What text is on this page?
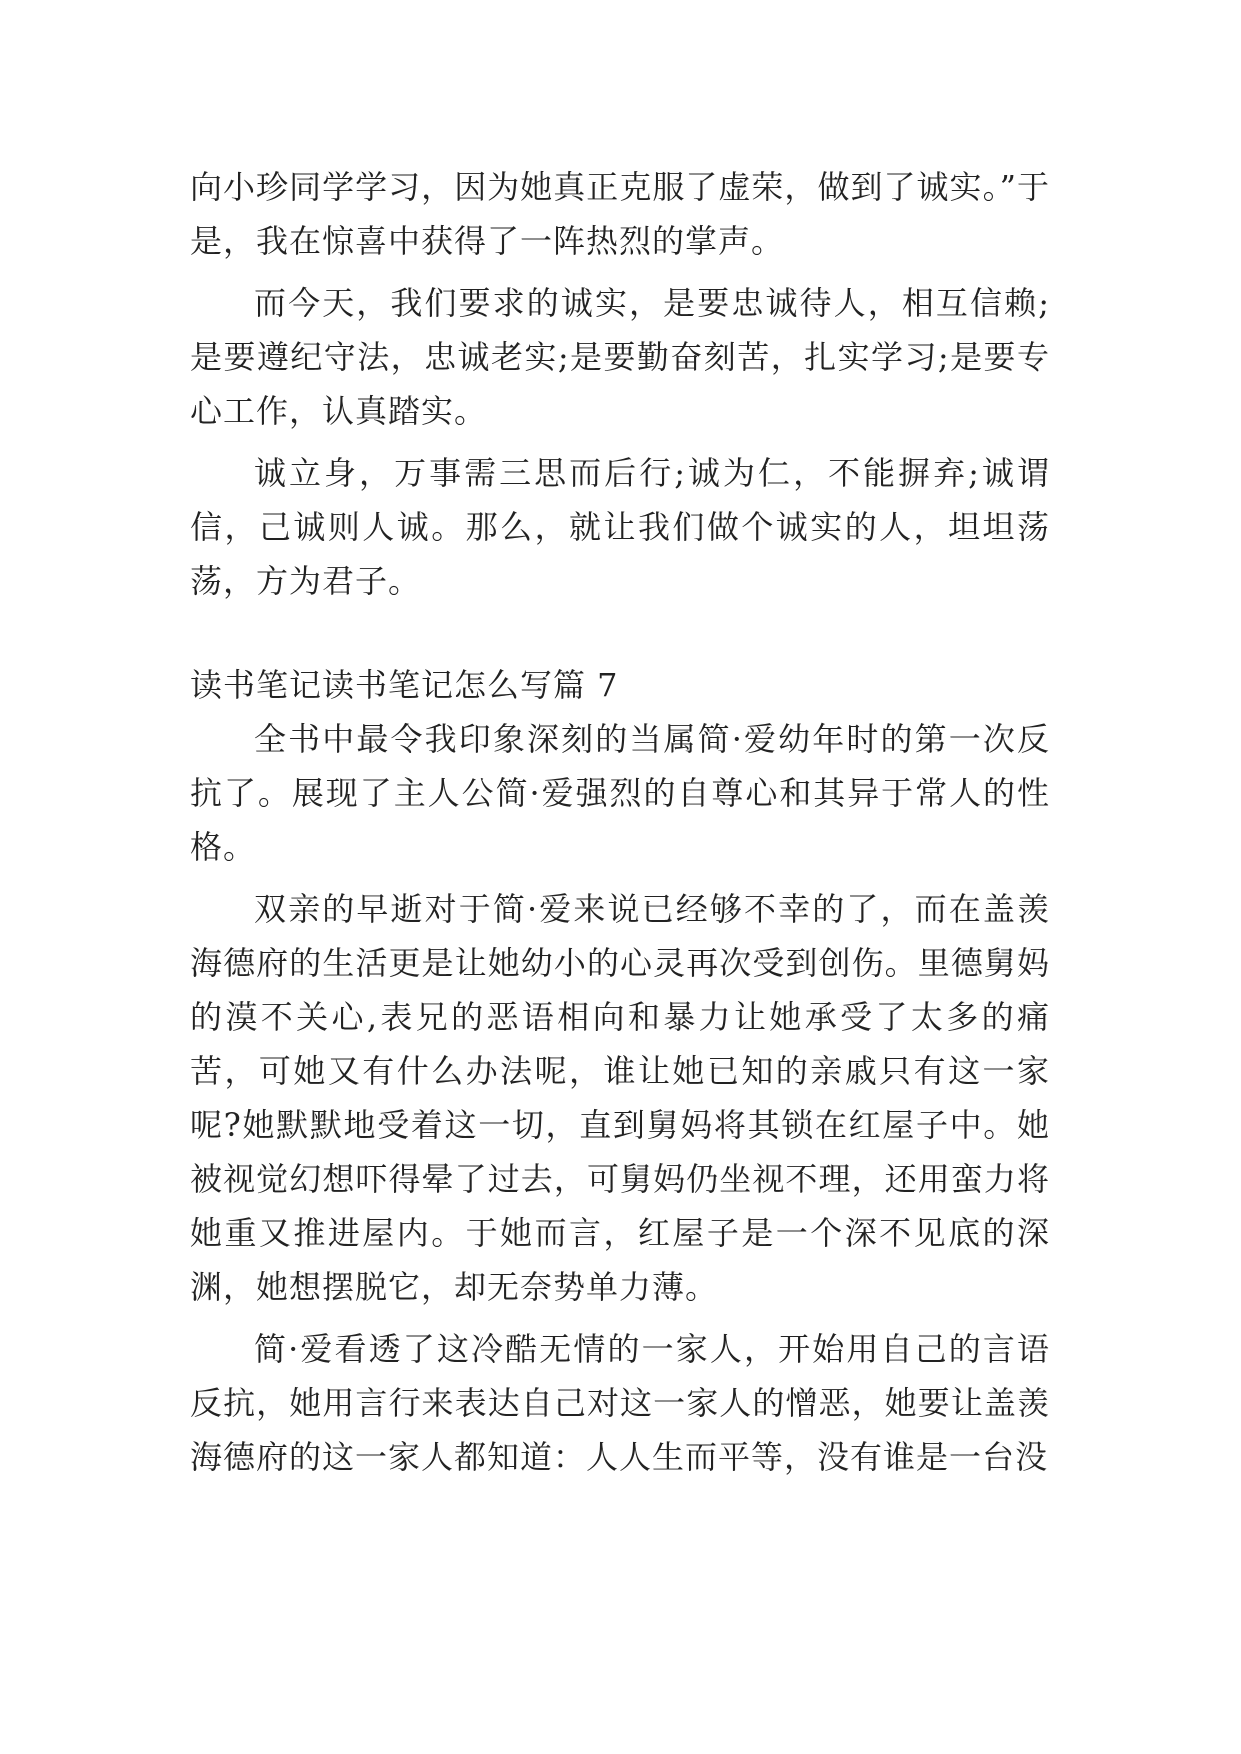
向小珍同学学习，因为她真正克服了虚荣，做到了诚实。”于是，我在惊喜中获得了一阵热烈的掌声。

而今天，我们要求的诚实，是要忠诚待人，相互信赖;是要遵纪守法，忠诚老实;是要勤奋刻苦，扎实学习;是要专心工作，认真踏实。

诚立身，万事需三思而后行;诚为仁，不能摒弃;诚谓信，己诚则人诚。那么，就让我们做个诚实的人，坦坦荡荡，方为君子。

读书笔记读书笔记怎么写篇 7

全书中最令我印象深刻的当属简·爱幼年时的第一次反抗了。展现了主人公简·爱强烈的自尊心和其异于常人的性格。

双亲的早逝对于简·爱来说已经够不幸的了，而在盖羡海德府的生活更是让她幼小的心灵再次受到创伤。里德舅妈的漠不关心,表兄的恶语相向和暴力让她承受了太多的痛苦，可她又有什么办法呢，谁让她已知的亲戚只有这一家呢?她默默地受着这一切，直到舅妈将其锁在红屋子中。她被视觉幻想吓得晕了过去，可舅妈仍坐视不理，还用蛮力将她重又推进屋内。于她而言，红屋子是一个深不见底的深渊，她想摆脱它，却无奈势单力薄。

简·爱看透了这冷酷无情的一家人，开始用自己的言语反抗，她用言行来表达自己对这一家人的憎恶，她要让盖羡海德府的这一家人都知道：人人生而平等，没有谁是一台没
